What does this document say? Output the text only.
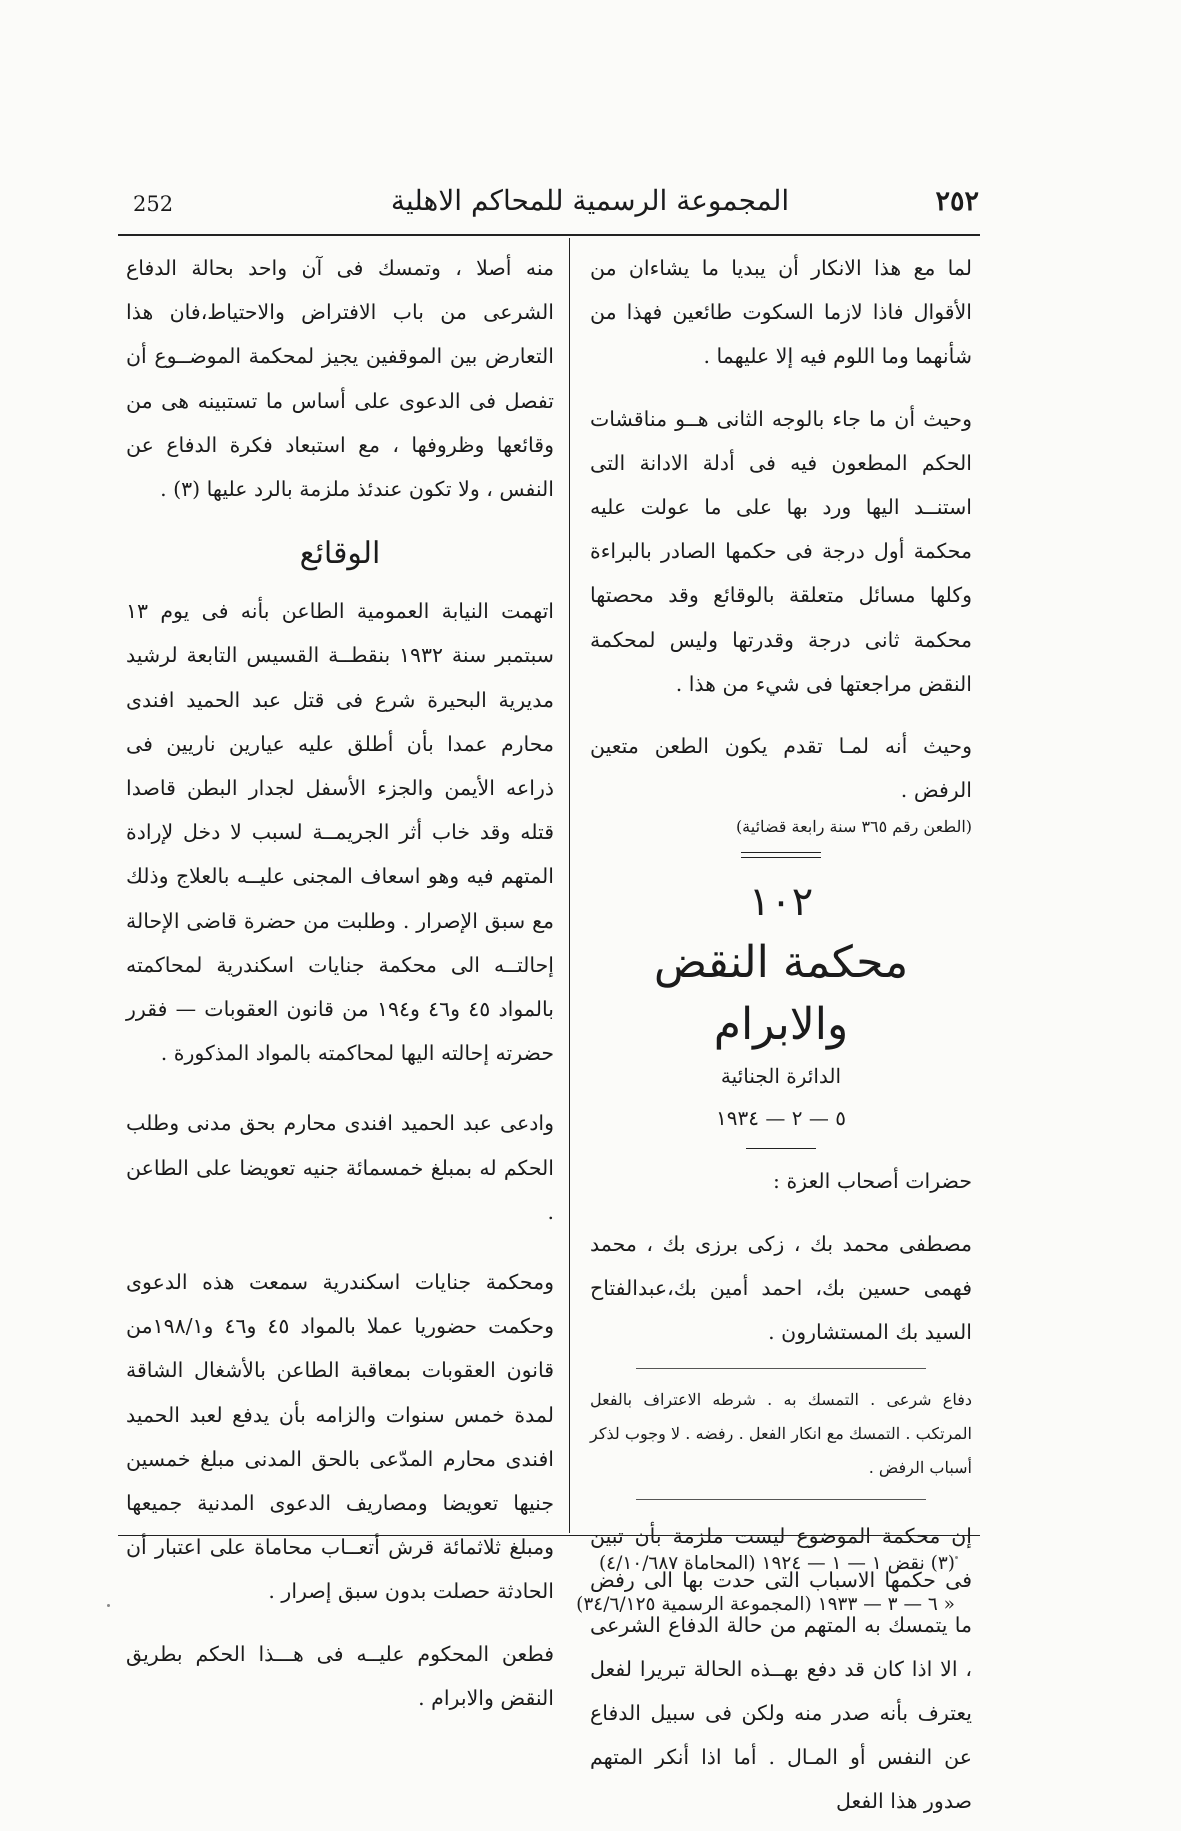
252	المجموعة الرسمية للمحاكم الاهلية	٢٥٢

لما مع هذا الانكار أن يبديا ما يشاءان من الأقوال فاذا لازما السكوت طائعين فهذا من شأنهما وما اللوم فيه إلا عليهما .

وحيث أن ما جاء بالوجه الثانى هــو مناقشات الحكم المطعون فيه فى أدلة الادانة التى استنــد اليها ورد بها على ما عولت عليه محكمة أول درجة فى حكمها الصادر بالبراءة وكلها مسائل متعلقة بالوقائع وقد محصتها محكمة ثانى درجة وقدرتها وليس لمحكمة النقض مراجعتها فى شيء من هذا .

وحيث أنه لمـا تقدم يكون الطعن متعين الرفض .

(الطعن رقم ٣٦٥ سنة رابعة قضائية)

١٠٢

محكمة النقض والابرام

الدائرة الجنائية

٥ — ٢ — ١٩٣٤

حضرات أصحاب العزة :

مصطفى محمد بك ، زكى برزى بك ، محمد فهمى حسين بك، احمد أمين بك،عبدالفتاح السيد بك المستشارون .

دفاع شرعى . التمسك به . شرطه الاعتراف بالفعل المرتكب . التمسك مع انكار الفعل . رفضه . لا وجوب لذكر أسباب الرفض .

إن محكمة الموضوع ليست ملزمة بأن تبين فى حكمها الاسباب التى حدت بها الى رفض ما يتمسك به المتهم من حالة الدفاع الشرعى ، الا اذا كان قد دفع بهــذه الحالة تبريرا لفعل يعترف بأنه صدر منه ولكن فى سبيل الدفاع عن النفس أو المـال . أما اذا أنكر المتهم صدور هذا الفعل

منه أصلا ، وتمسك فى آن واحد بحالة الدفاع الشرعى من باب الافتراض والاحتياط،فان هذا التعارض بين الموقفين يجيز لمحكمة الموضــوع أن تفصل فى الدعوى على أساس ما تستبينه هى من وقائعها وظروفها ، مع استبعاد فكرة الدفاع عن النفس ، ولا تكون عندئذ ملزمة بالرد عليها (٣) .

الوقائع

اتهمت النيابة العمومية الطاعن بأنه فى يوم ١٣ سبتمبر سنة ١٩٣٢ بنقطــة القسيس التابعة لرشيد مديرية البحيرة شرع فى قتل عبد الحميد افندى محارم عمدا بأن أطلق عليه عيارين ناريين فى ذراعه الأيمن والجزء الأسفل لجدار البطن قاصدا قتله وقد خاب أثر الجريمــة لسبب لا دخل لإرادة المتهم فيه وهو اسعاف المجنى عليــه بالعلاج وذلك مع سبق الإصرار . وطلبت من حضرة قاضى الإحالة إحالتــه الى محكمة جنايات اسكندرية لمحاكمته بالمواد ٤٥ و٤٦ و١٩٤ من قانون العقوبات — فقرر حضرته إحالته اليها لمحاكمته بالمواد المذكورة .

وادعى عبد الحميد افندى محارم بحق مدنى وطلب الحكم له بمبلغ خمسمائة جنيه تعويضا على الطاعن .

ومحكمة جنايات اسكندرية سمعت هذه الدعوى وحكمت حضوريا عملا بالمواد ٤٥ و٤٦ و١٩٨/١من قانون العقوبات بمعاقبة الطاعن بالأشغال الشاقة لمدة خمس سنوات والزامه بأن يدفع لعبد الحميد افندى محارم المدّعى بالحق المدنى مبلغ خمسين جنيها تعويضا ومصاريف الدعوى المدنية جميعها ومبلغ ثلاثمائة قرش أتعــاب محاماة على اعتبار أن الحادثة حصلت بدون سبق إصرار .

فطعن المحكوم عليــه فى هـــذا الحكم بطريق النقض والابرام .

(٣) نقض ١ — ١ — ١٩٢٤ (المحاماة ٤/١٠/٦٨٧)
« ٦ — ٣ — ١٩٣٣ (المجموعة الرسمية ٣٤/٦/١٢٥)
